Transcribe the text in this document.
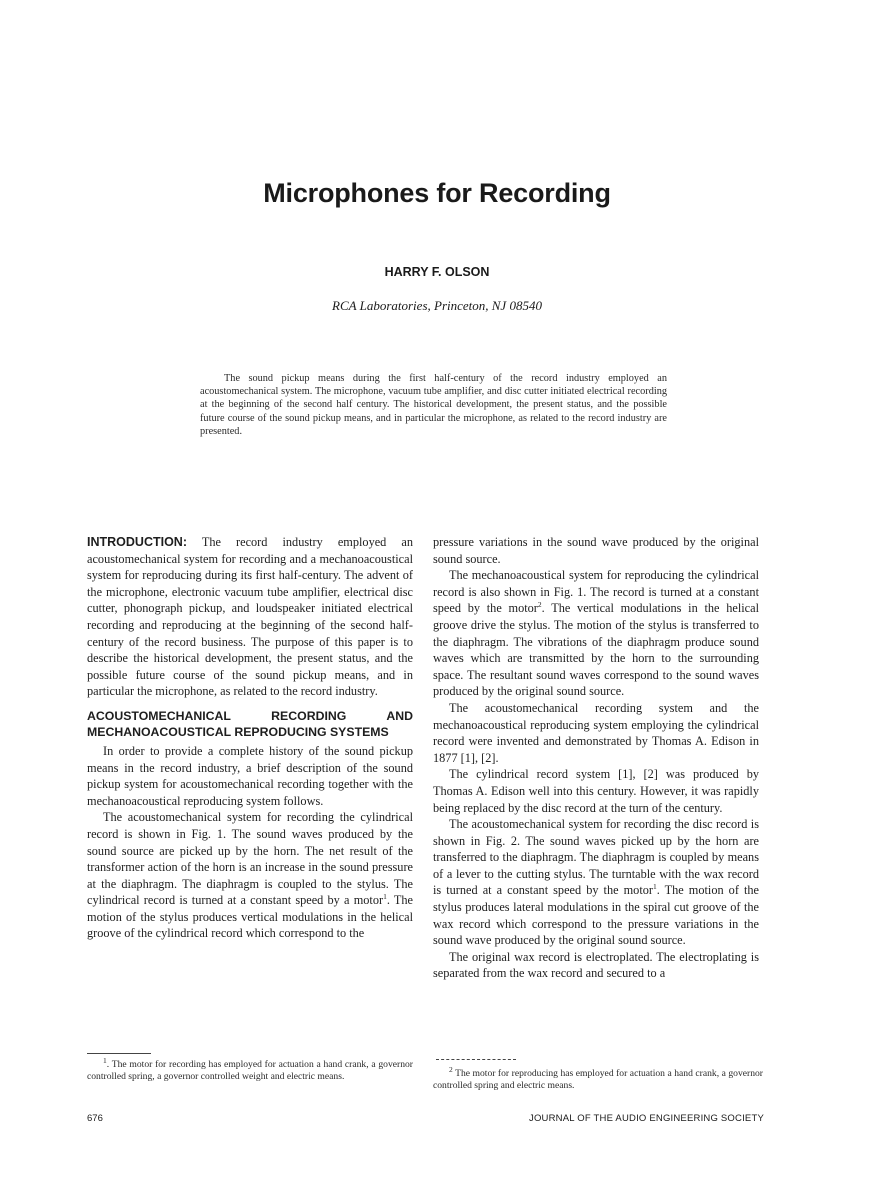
Microphones for Recording
HARRY F. OLSON
RCA Laboratories, Princeton, NJ 08540
The sound pickup means during the first half-century of the record industry employed an acoustomechanical system. The microphone, vacuum tube amplifier, and disc cutter initiated electrical recording at the beginning of the second half century. The historical development, the present status, and the possible future course of the sound pickup means, and in particular the microphone, as related to the record industry are presented.

INTRODUCTION: The record industry employed an acoustomechanical system for recording and a mechanoacoustical system for reproducing during its first half-century. The advent of the microphone, electronic vacuum tube amplifier, electrical disc cutter, phonograph pickup, and loudspeaker initiated electrical recording and reproducing at the beginning of the second half-century of the record business. The purpose of this paper is to describe the historical development, the present status, and the possible future course of the sound pickup means, and in particular the microphone, as related to the record industry.

ACOUSTOMECHANICAL RECORDING AND MECHANOACOUSTICAL REPRODUCING SYSTEMS

In order to provide a complete history of the sound pickup means in the record industry, a brief description of the sound pickup system for acoustomechanical recording together with the mechanoacoustical reproducing system follows.

The acoustomechanical system for recording the cylindrical record is shown in Fig. 1. The sound waves produced by the sound source are picked up by the horn. The net result of the transformer action of the horn is an increase in the sound pressure at the diaphragm. The diaphragm is coupled to the stylus. The cylindrical record is turned at a constant speed by a motor$^1$. The motion of the stylus produces vertical modulations in the helical groove of the cylindrical record which correspond to the

pressure variations in the sound wave produced by the original sound source.

The mechanoacoustical system for reproducing the cylindrical record is also shown in Fig. 1. The record is turned at a constant speed by the motor$^2$. The vertical modulations in the helical groove drive the stylus. The motion of the stylus is transferred to the diaphragm. The vibrations of the diaphragm produce sound waves which are transmitted by the horn to the surrounding space. The resultant sound waves correspond to the sound waves produced by the original sound source.

The acoustomechanical recording system and the mechanoacoustical reproducing system employing the cylindrical record were invented and demonstrated by Thomas A. Edison in 1877 [1], [2].

The cylindrical record system [1], [2] was produced by Thomas A. Edison well into this century. However, it was rapidly being replaced by the disc record at the turn of the century.

The acoustomechanical system for recording the disc record is shown in Fig. 2. The sound waves picked up by the horn are transferred to the diaphragm. The diaphragm is coupled by means of a lever to the cutting stylus. The turntable with the wax record is turned at a constant speed by the motor$^1$. The motion of the stylus produces lateral modulations in the spiral cut groove of the wax record which correspond to the pressure variations in the sound wave produced by the original sound source.

The original wax record is electroplated. The electroplating is separated from the wax record and secured to a

$^1$. The motor for recording has employed for actuation a hand crank, a governor controlled spring, a governor controlled weight and electric means.
$^2$ The motor for reproducing has employed for actuation a hand crank, a governor controlled spring and electric means.
676	JOURNAL OF THE AUDIO ENGINEERING SOCIETY
